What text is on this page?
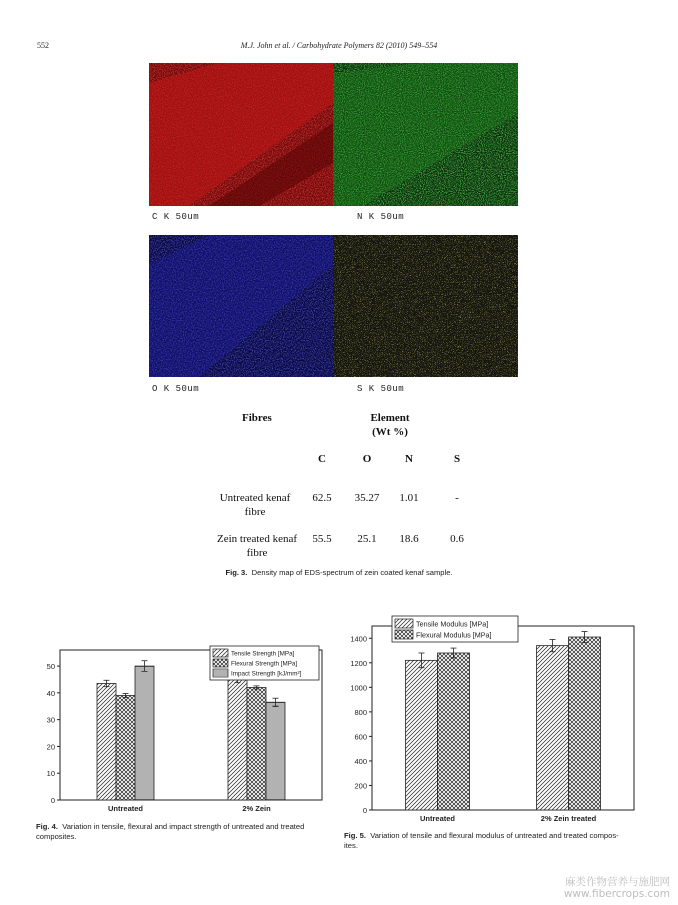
552	M.J. John et al. / Carbohydrate Polymers 82 (2010) 549–554
C K 50um	N K 50um
O K 50um	S K 50um
Fibres	Element
(Wt %)
C	O	N	S
Untreated kenaf
fibre
62.5	35.27	1.01	-
Zein treated kenaf
fibre
55.5	25.1	18.6	0.6
Fig. 3. Density map of EDS-spectrum of zein coated kenaf sample.
0
10
20
30
40
50
Untreated	2% Zein
Tensile Strength [MPa]
Flexural Strength [MPa]
Impact Strength [kJ/mm²]
0
200
400
600
800
1000
1200
1400
Untreated	2% Zein treated
Tensile Modulus [MPa]
Flexural Modulus [MPa]
Fig. 4. Variation in tensile, flexural and impact strength of untreated and treated
composites.	Fig. 5. Variation of tensile and flexural modulus of untreated and treated compos-
ites.
麻类作物营养与施肥网
www.fibercrops.com
